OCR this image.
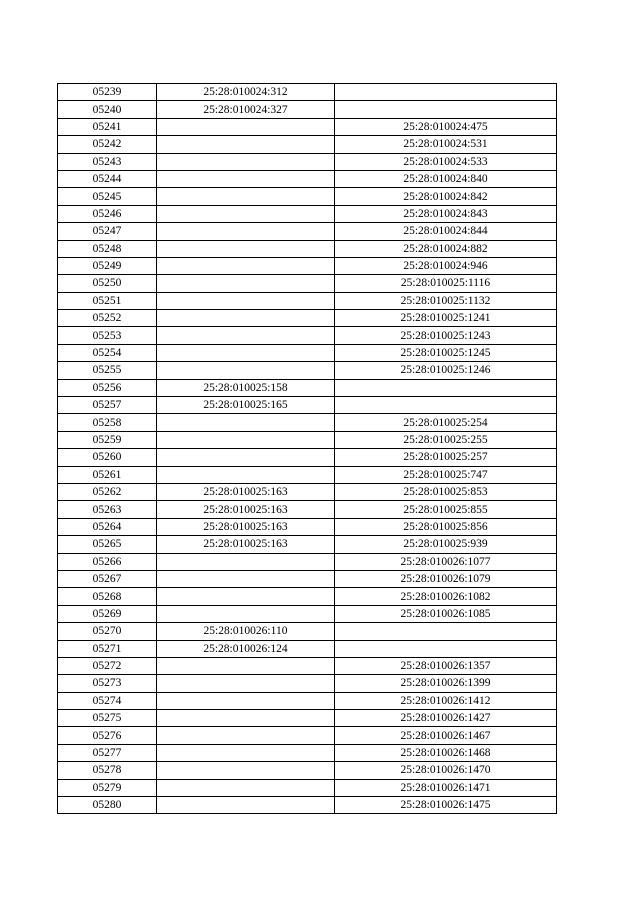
05239	25:28:010024:312	
05240	25:28:010024:327	
05241		25:28:010024:475
05242		25:28:010024:531
05243		25:28:010024:533
05244		25:28:010024:840
05245		25:28:010024:842
05246		25:28:010024:843
05247		25:28:010024:844
05248		25:28:010024:882
05249		25:28:010024:946
05250		25:28:010025:1116
05251		25:28:010025:1132
05252		25:28:010025:1241
05253		25:28:010025:1243
05254		25:28:010025:1245
05255		25:28:010025:1246
05256	25:28:010025:158	
05257	25:28:010025:165	
05258		25:28:010025:254
05259		25:28:010025:255
05260		25:28:010025:257
05261		25:28:010025:747
05262	25:28:010025:163	25:28:010025:853
05263	25:28:010025:163	25:28:010025:855
05264	25:28:010025:163	25:28:010025:856
05265	25:28:010025:163	25:28:010025:939
05266		25:28:010026:1077
05267		25:28:010026:1079
05268		25:28:010026:1082
05269		25:28:010026:1085
05270	25:28:010026:110	
05271	25:28:010026:124	
05272		25:28:010026:1357
05273		25:28:010026:1399
05274		25:28:010026:1412
05275		25:28:010026:1427
05276		25:28:010026:1467
05277		25:28:010026:1468
05278		25:28:010026:1470
05279		25:28:010026:1471
05280		25:28:010026:1475
